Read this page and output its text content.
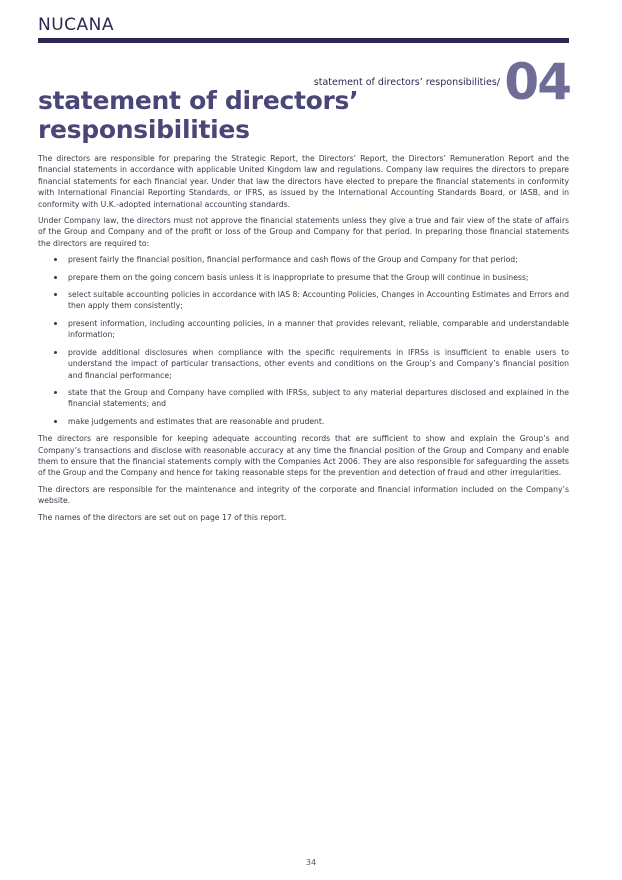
NUCANA
statement of directors’ responsibilities/ 04
statement of directors’ responsibilities

The directors are responsible for preparing the Strategic Report, the Directors’ Report, the Directors’ Remuneration Report and the financial statements in accordance with applicable United Kingdom law and regulations. Company law requires the directors to prepare financial statements for each financial year. Under that law the directors have elected to prepare the financial statements in conformity with International Financial Reporting Standards, or IFRS, as issued by the International Accounting Standards Board, or IASB, and in conformity with U.K.-adopted international accounting standards.

Under Company law, the directors must not approve the financial statements unless they give a true and fair view of the state of affairs of the Group and Company and of the profit or loss of the Group and Company for that period. In preparing those financial statements the directors are required to:

present fairly the financial position, financial performance and cash flows of the Group and Company for that period;
prepare them on the going concern basis unless it is inappropriate to presume that the Group will continue in business;
select suitable accounting policies in accordance with IAS 8: Accounting Policies, Changes in Accounting Estimates and Errors and then apply them consistently;
present information, including accounting policies, in a manner that provides relevant, reliable, comparable and understandable information;
provide additional disclosures when compliance with the specific requirements in IFRSs is insufficient to enable users to understand the impact of particular transactions, other events and conditions on the Group’s and Company’s financial position and financial performance;
state that the Group and Company have complied with IFRSs, subject to any material departures disclosed and explained in the financial statements; and
make judgements and estimates that are reasonable and prudent.

The directors are responsible for keeping adequate accounting records that are sufficient to show and explain the Group’s and Company’s transactions and disclose with reasonable accuracy at any time the financial position of the Group and Company and enable them to ensure that the financial statements comply with the Companies Act 2006. They are also responsible for safeguarding the assets of the Group and the Company and hence for taking reasonable steps for the prevention and detection of fraud and other irregularities.

The directors are responsible for the maintenance and integrity of the corporate and financial information included on the Company’s website.

The names of the directors are set out on page 17 of this report.

34
